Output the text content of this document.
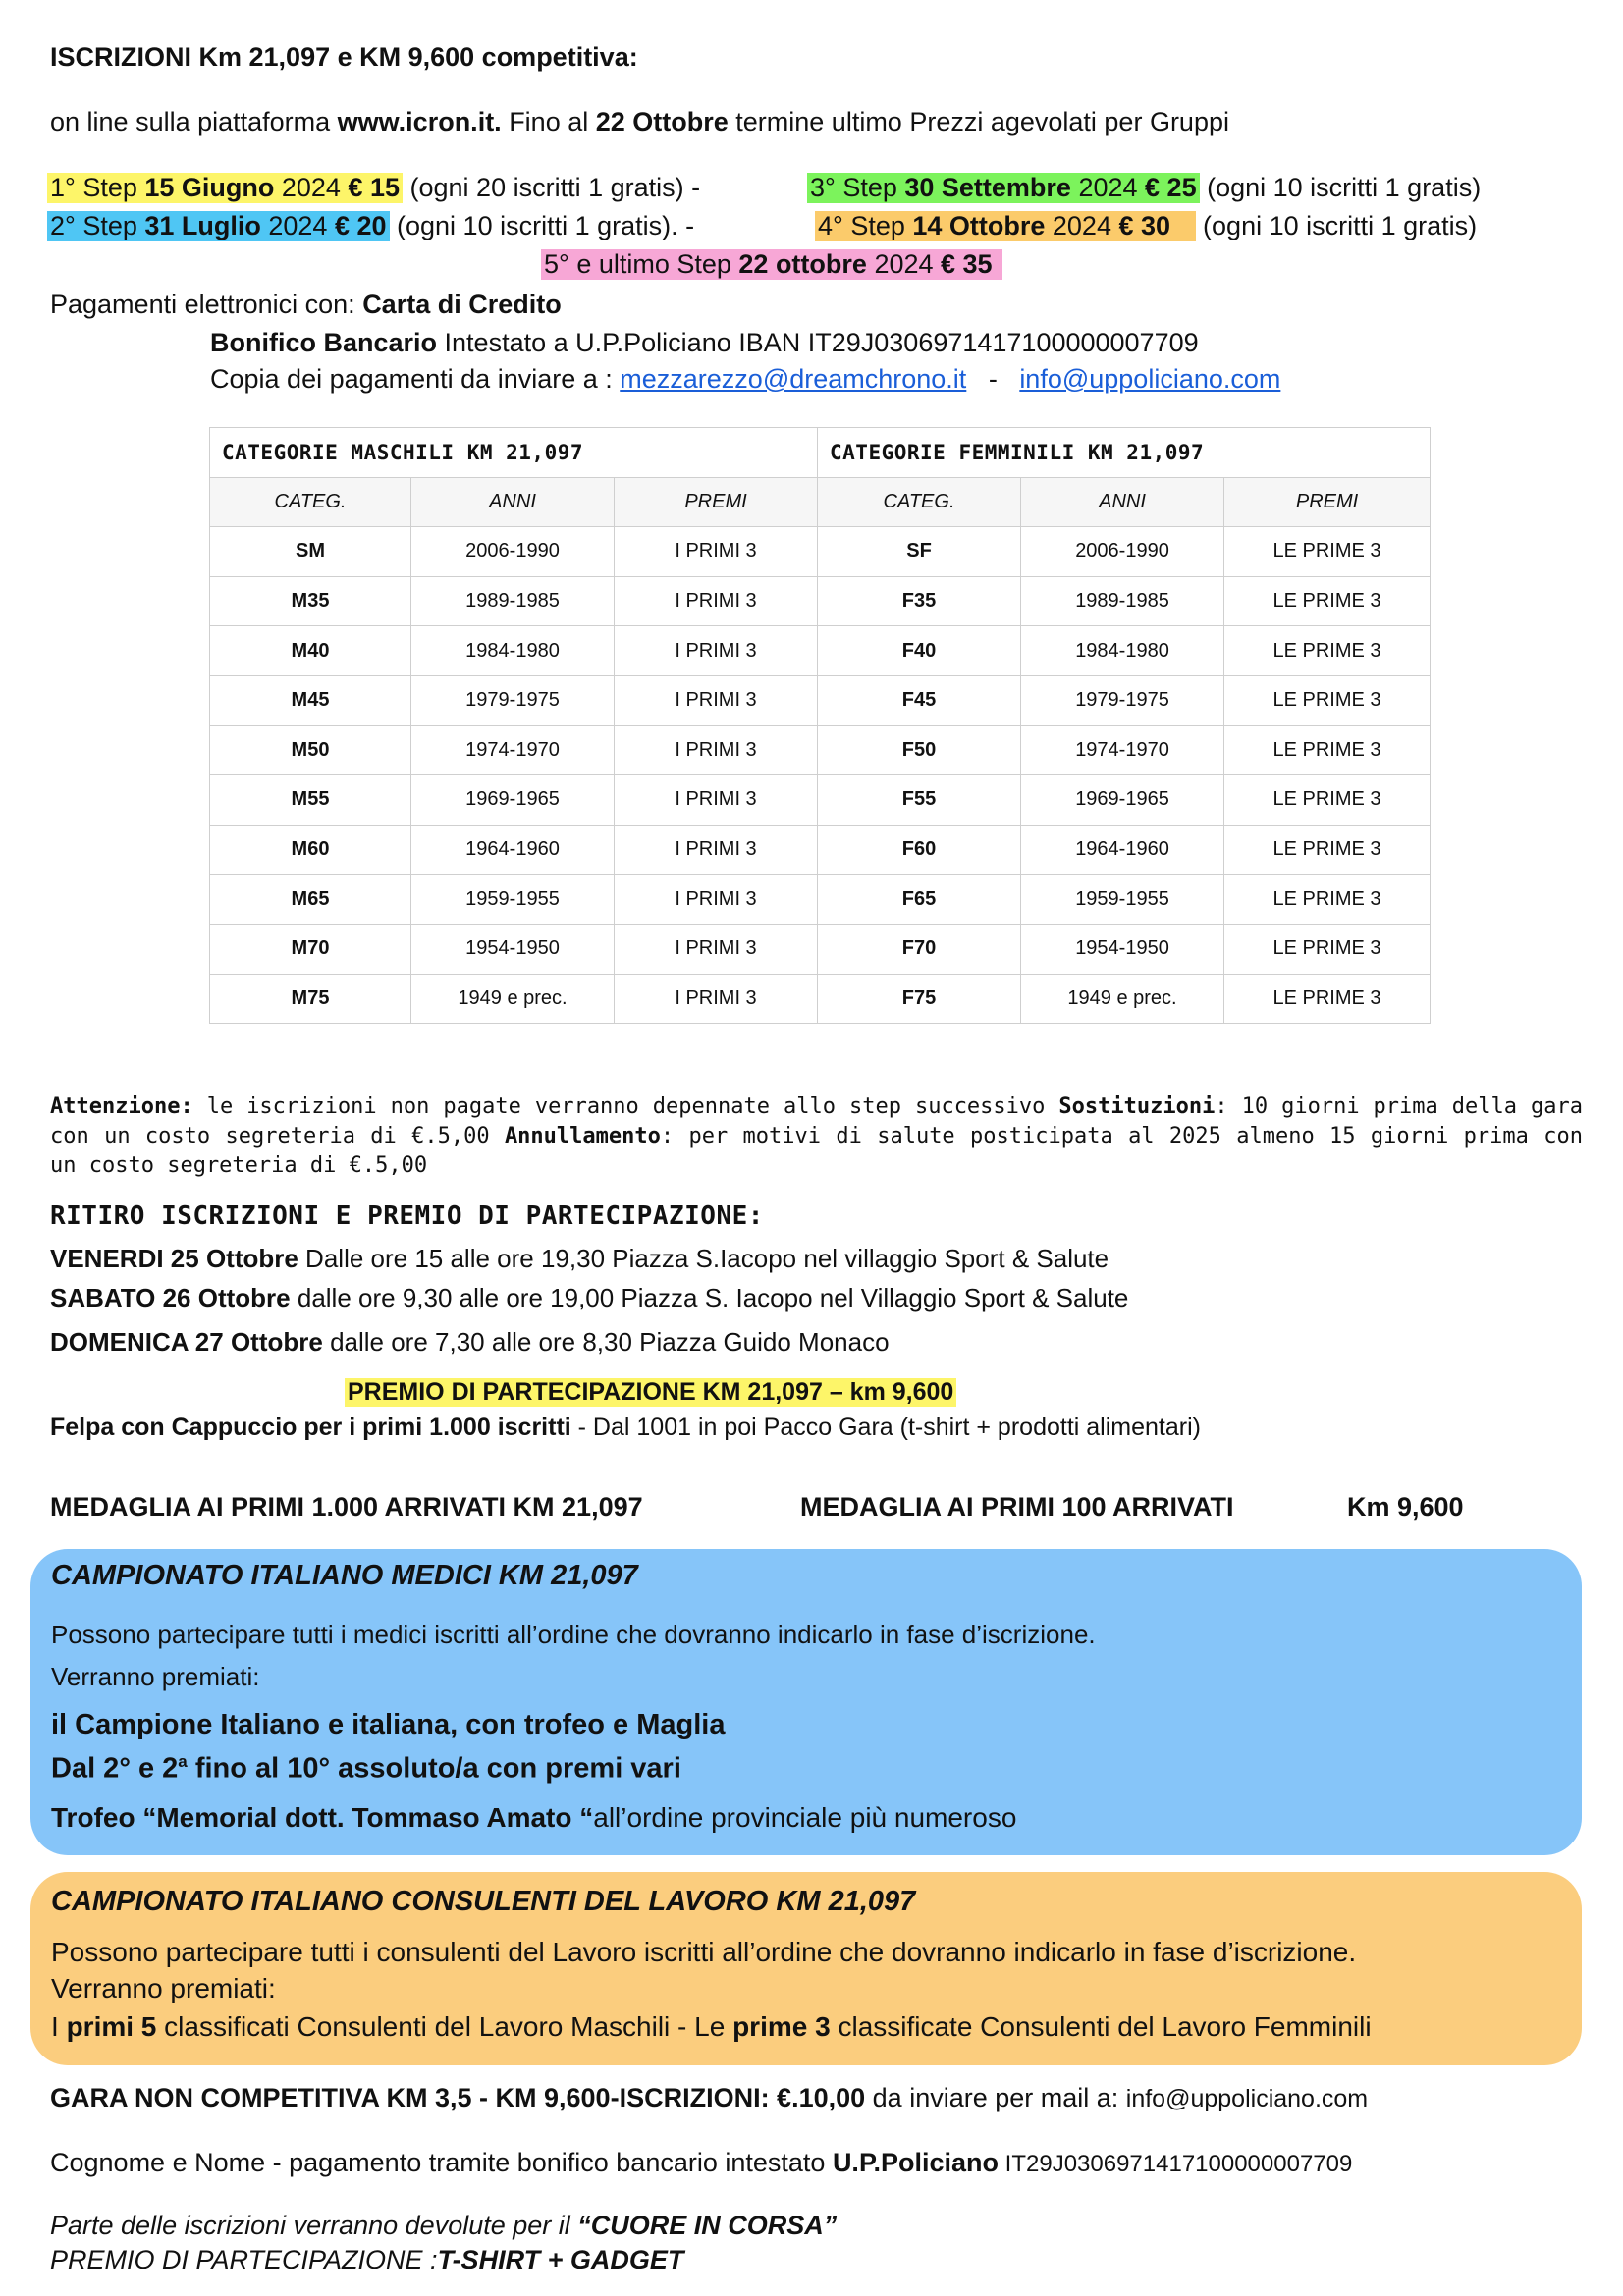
ISCRIZIONI Km 21,097 e KM 9,600 competitiva:
on line sulla piattaforma www.icron.it. Fino al 22 Ottobre termine ultimo Prezzi agevolati per Gruppi
1° Step 15 Giugno 2024 € 15 (ogni 20 iscritti 1 gratis) -	3° Step 30 Settembre 2024 € 25 (ogni 10 iscritti 1 gratis)
2° Step 31 Luglio 2024 € 20 (ogni 10 iscritti 1 gratis). -	4° Step 14 Ottobre 2024 € 30    (ogni 10 iscritti 1 gratis)
5° e ultimo Step 22 ottobre 2024 € 35
Pagamenti elettronici con: Carta di Credito
Bonifico Bancario Intestato a U.P.Policiano IBAN IT29J0306971417100000007709
Copia dei pagamenti da inviare a : mezzarezzo@dreamchrono.it   -   info@uppoliciano.com
CATEGORIE MASCHILI KM 21,097			CATEGORIE FEMMINILI KM 21,097		
CATEG.	ANNI	PREMI	CATEG.	ANNI	PREMI
SM	2006-1990	I PRIMI 3	SF	2006-1990	LE PRIME 3
M35	1989-1985	I PRIMI 3	F35	1989-1985	LE PRIME 3
M40	1984-1980	I PRIMI 3	F40	1984-1980	LE PRIME 3
M45	1979-1975	I PRIMI 3	F45	1979-1975	LE PRIME 3
M50	1974-1970	I PRIMI 3	F50	1974-1970	LE PRIME 3
M55	1969-1965	I PRIMI 3	F55	1969-1965	LE PRIME 3
M60	1964-1960	I PRIMI 3	F60	1964-1960	LE PRIME 3
M65	1959-1955	I PRIMI 3	F65	1959-1955	LE PRIME 3
M70	1954-1950	I PRIMI 3	F70	1954-1950	LE PRIME 3
M75	1949 e prec.	I PRIMI 3	F75	1949 e prec.	LE PRIME 3
Attenzione: le iscrizioni non pagate verranno depennate allo step successivo Sostituzioni: 10 giorni prima della gara con un costo segreteria di €.5,00 Annullamento: per motivi di salute posticipata al 2025 almeno 15 giorni prima con un costo segreteria di €.5,00
RITIRO ISCRIZIONI E PREMIO DI PARTECIPAZIONE:
VENERDI 25 Ottobre Dalle ore 15 alle ore 19,30 Piazza S.Iacopo nel villaggio Sport & Salute
SABATO 26 Ottobre dalle ore 9,30 alle ore 19,00 Piazza S. Iacopo nel Villaggio Sport & Salute
DOMENICA 27 Ottobre dalle ore 7,30 alle ore 8,30 Piazza Guido Monaco
PREMIO DI PARTECIPAZIONE KM 21,097 – km 9,600
Felpa con Cappuccio per i primi 1.000 iscritti - Dal 1001 in poi Pacco Gara (t-shirt + prodotti alimentari)
MEDAGLIA AI PRIMI 1.000 ARRIVATI KM 21,097	MEDAGLIA AI PRIMI 100 ARRIVATI	Km 9,600
CAMPIONATO ITALIANO MEDICI KM 21,097
Possono partecipare tutti i medici iscritti all’ordine che dovranno indicarlo in fase d’iscrizione.
Verranno premiati:
il Campione Italiano e italiana, con trofeo e Maglia
Dal 2° e 2$^a$ fino al 10° assoluto/a con premi vari
Trofeo “Memorial dott. Tommaso Amato “all’ordine provinciale più numeroso
CAMPIONATO ITALIANO CONSULENTI DEL LAVORO KM 21,097
Possono partecipare tutti i consulenti del Lavoro iscritti all’ordine che dovranno indicarlo in fase d’iscrizione.
Verranno premiati:
I primi 5 classificati Consulenti del Lavoro Maschili - Le prime 3 classificate Consulenti del Lavoro Femminili
GARA NON COMPETITIVA KM 3,5 - KM 9,600-ISCRIZIONI: €.10,00 da inviare per mail a: info@uppoliciano.com
Cognome e Nome - pagamento tramite bonifico bancario intestato U.P.Policiano IT29J0306971417100000007709
Parte delle iscrizioni verranno devolute per il “CUORE IN CORSA”
PREMIO DI PARTECIPAZIONE :T-SHIRT + GADGET
